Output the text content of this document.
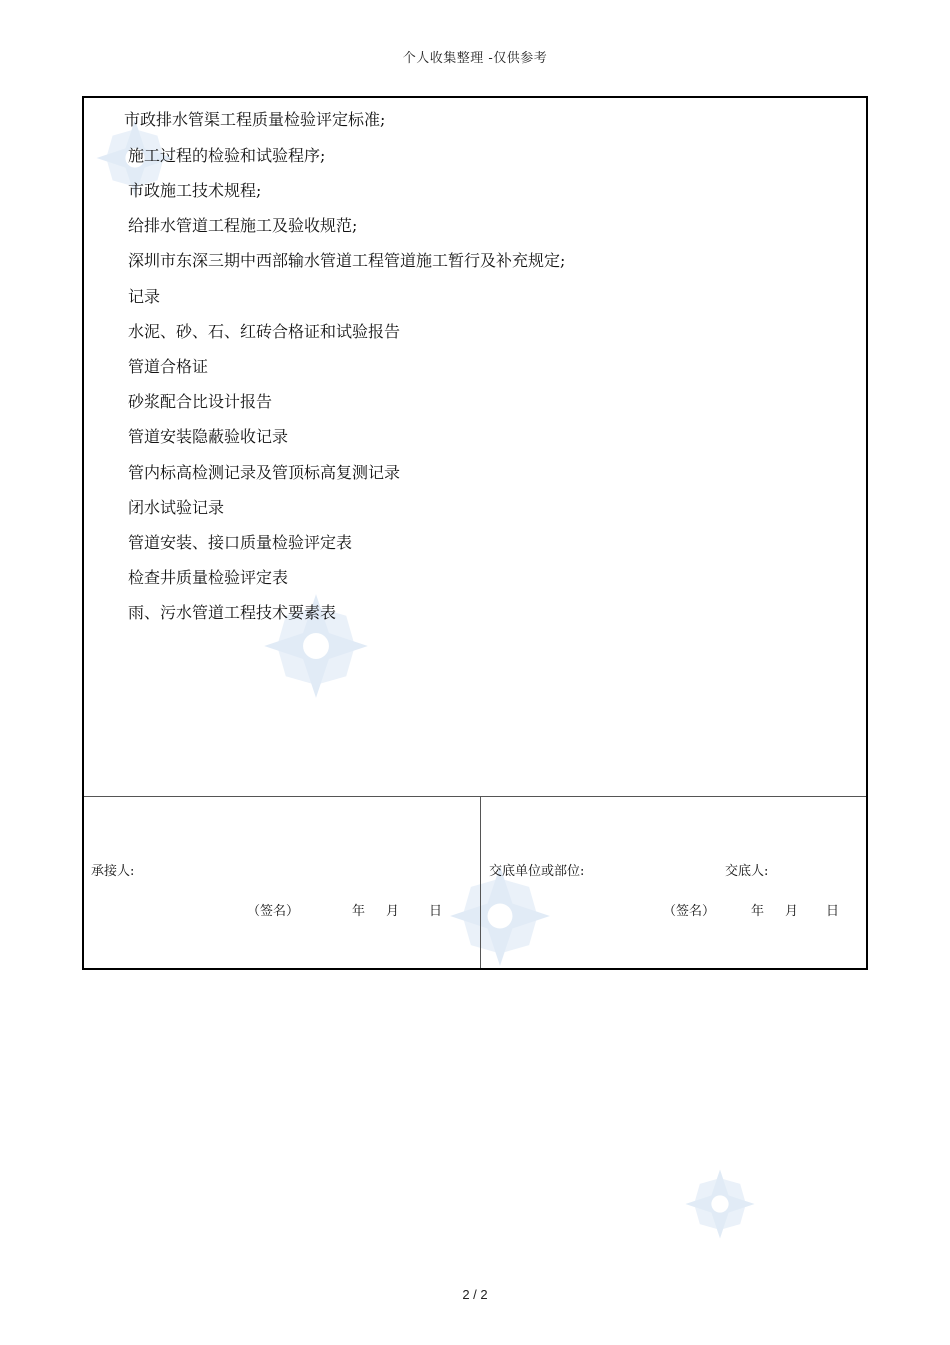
个人收集整理 -仅供参考
市政排水管渠工程质量检验评定标准;
施工过程的检验和试验程序;
市政施工技术规程;
给排水管道工程施工及验收规范;
深圳市东深三期中西部输水管道工程管道施工暂行及补充规定;
记录
水泥、砂、石、红砖合格证和试验报告
管道合格证
砂浆配合比设计报告
管道安装隐蔽验收记录
管内标高检测记录及管顶标高复测记录
闭水试验记录
管道安装、接口质量检验评定表
检查井质量检验评定表
雨、污水管道工程技术要素表
承接人:
（签名）	年 月 日
交底单位或部位:	交底人:
（签名）	年 月 日
2 / 2
